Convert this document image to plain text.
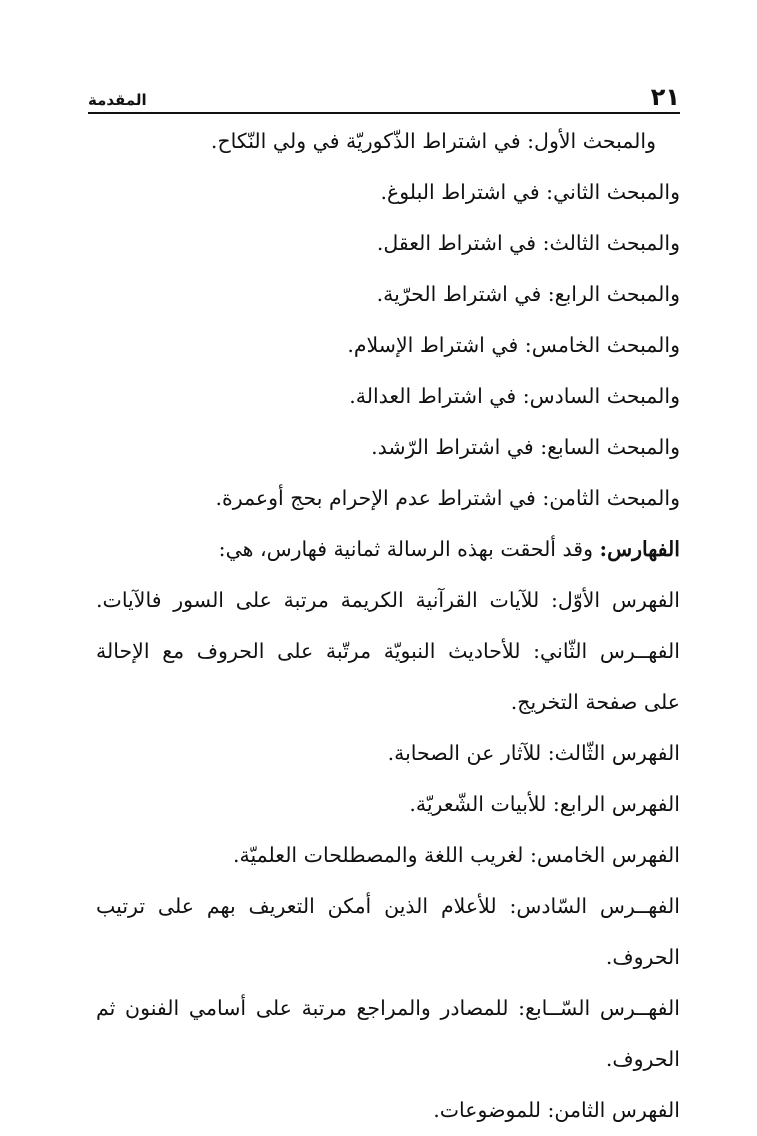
٢١
المقدمة
والمبحث الأول: في اشتراط الذّكوريّة في ولي النّكاح.
والمبحث الثاني: في اشتراط البلوغ.
والمبحث الثالث: في اشتراط العقل.
والمبحث الرابع: في اشتراط الحرّية.
والمبحث الخامس: في اشتراط الإسلام.
والمبحث السادس: في اشتراط العدالة.
والمبحث السابع: في اشتراط الرّشد.
والمبحث الثامن: في اشتراط عدم الإحرام بحج أوعمرة.
الفهارس: وقد ألحقت بهذه الرسالة ثمانية فهارس، هي:
الفهرس الأوّل: للآيات القرآنية الكريمة مرتبة على السور فالآيات.
الفهــرس الثّاني: للأحاديث النبويّة مرتّبة على الحروف مع الإحالة
على صفحة التخريج.
الفهرس الثّالث: للآثار عن الصحابة.
الفهرس الرابع: للأبيات الشّعريّة.
الفهرس الخامس: لغريب اللغة والمصطلحات العلميّة.
الفهــرس السّادس: للأعلام الذين أمكن التعريف بهم على ترتيب
الحروف.
الفهــرس السّــابع: للمصادر والمراجع مرتبة على أسامي الفنون ثم
الحروف.
الفهرس الثامن: للموضوعات.
